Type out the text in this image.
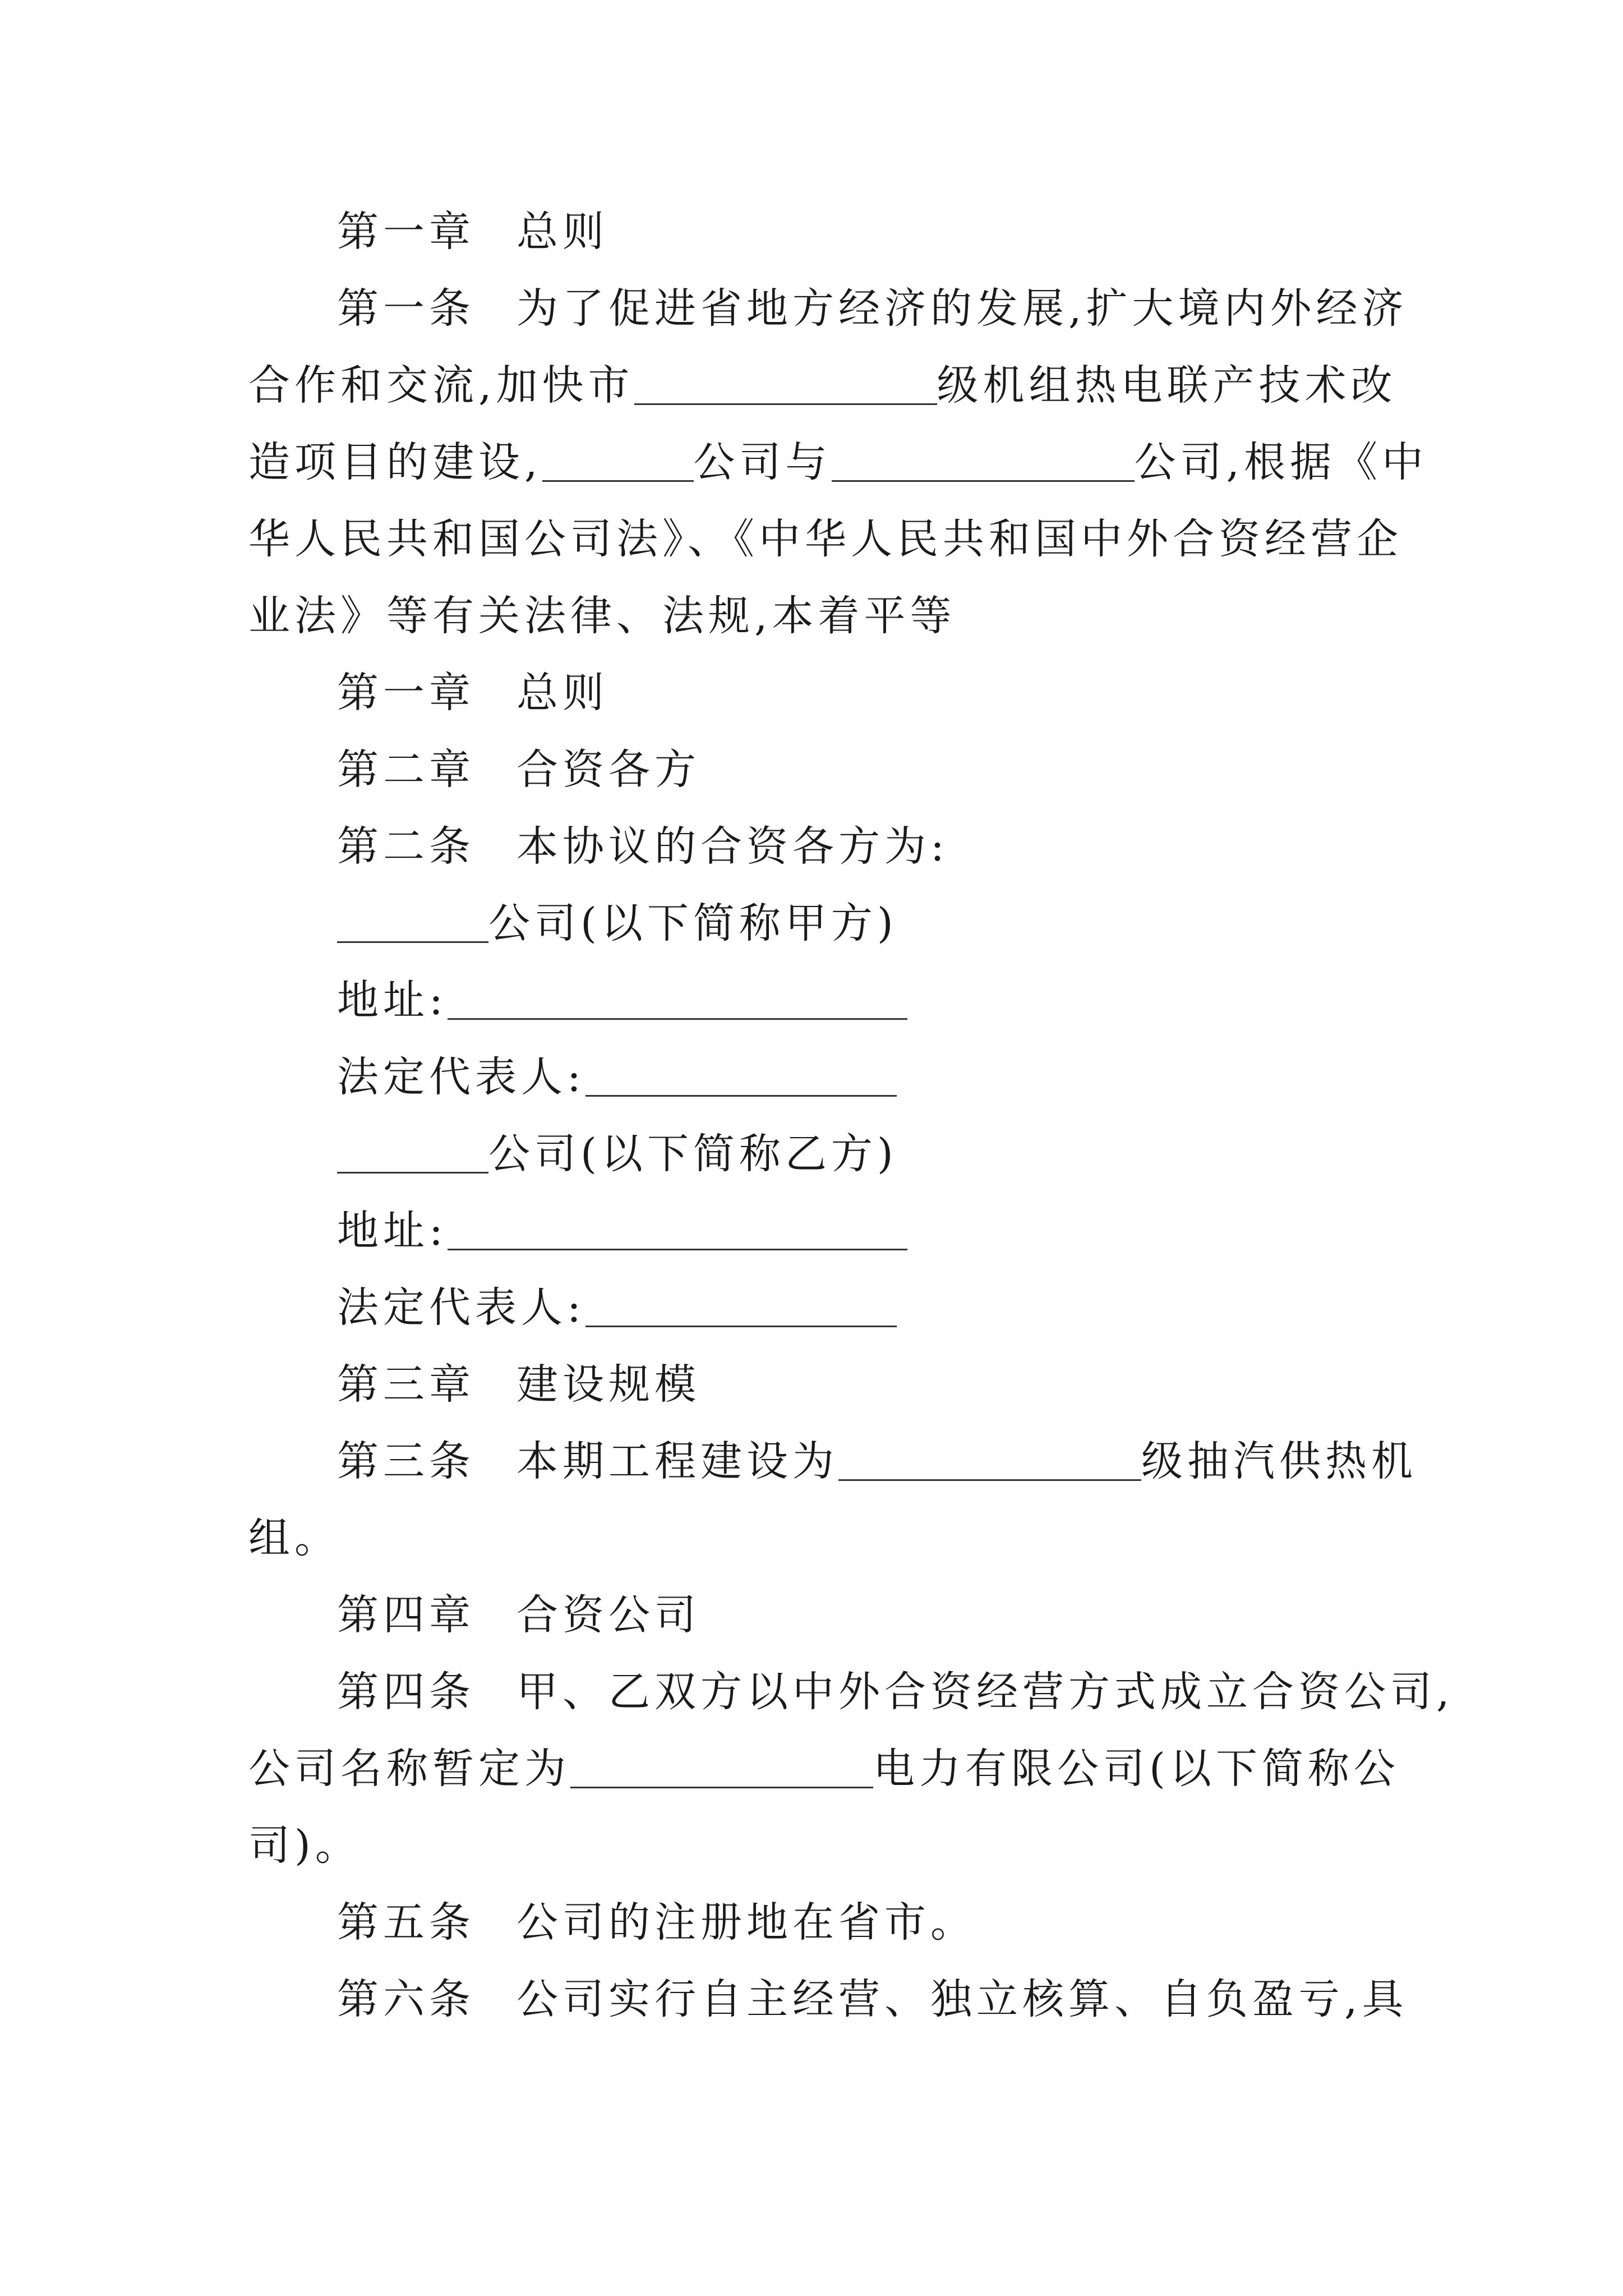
第一章 总则
第一条 为了促进省地方经济的发展,扩大境内外经济
合作和交流,加快市	级机组热电联产技术改
造项目的建设,	公司与	公司,根据《中
华人民共和国公司法》、《中华人民共和国中外合资经营企
业法》等有关法律、法规,本着平等
第一章 总则
第二章 合资各方
第二条 本协议的合资各方为:
公司(以下简称甲方)
地址:
法定代表人:
公司(以下简称乙方)
地址:
法定代表人:
第三章 建设规模
第三条 本期工程建设为	级抽汽供热机
组。
第四章 合资公司
第四条 甲、乙双方以中外合资经营方式成立合资公司,
公司名称暂定为	电力有限公司(以下简称公
司)。
第五条 公司的注册地在省市。
第六条 公司实行自主经营、独立核算、自负盈亏,具
